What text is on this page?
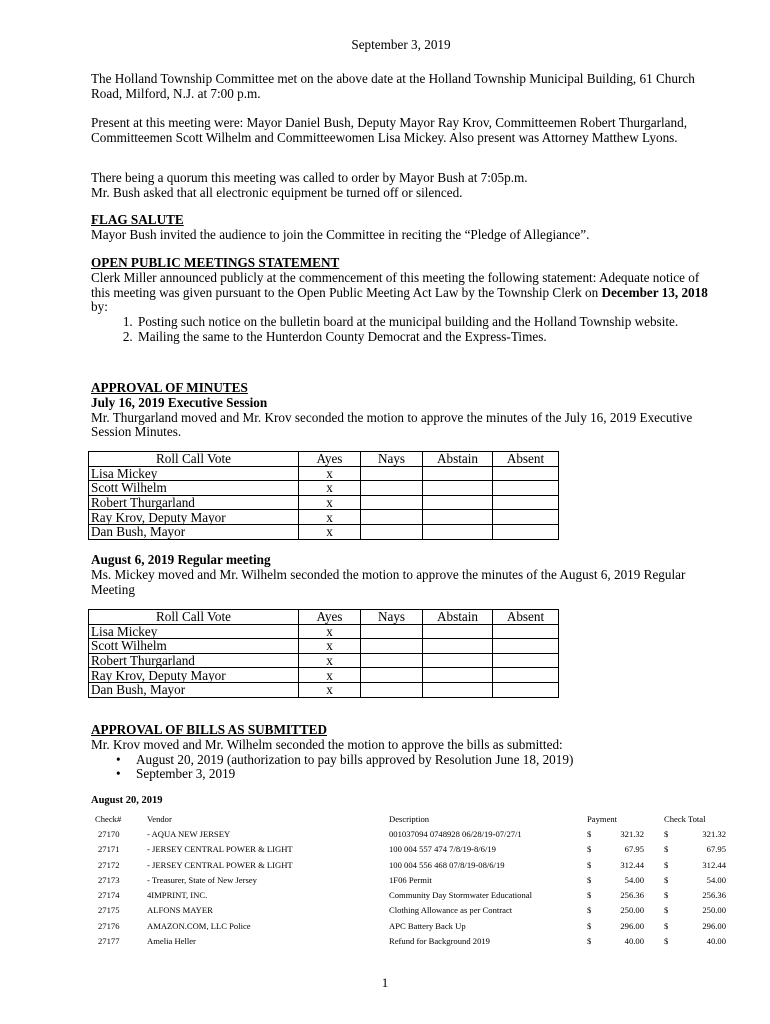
September 3, 2019
The Holland Township Committee met on the above date at the Holland Township Municipal Building, 61 Church Road, Milford, N.J. at 7:00 p.m.
Present at this meeting were: Mayor Daniel Bush, Deputy Mayor Ray Krov, Committeemen Robert Thurgarland, Committeemen Scott Wilhelm and Committeewomen Lisa Mickey. Also present was Attorney Matthew Lyons.
There being a quorum this meeting was called to order by Mayor Bush at 7:05p.m.
Mr. Bush asked that all electronic equipment be turned off or silenced.
FLAG SALUTE
Mayor Bush invited the audience to join the Committee in reciting the “Pledge of Allegiance”.
OPEN PUBLIC MEETINGS STATEMENT
Clerk Miller announced publicly at the commencement of this meeting the following statement: Adequate notice of this meeting was given pursuant to the Open Public Meeting Act Law by the Township Clerk on December 13, 2018 by:
1. Posting such notice on the bulletin board at the municipal building and the Holland Township website.
2. Mailing the same to the Hunterdon County Democrat and the Express-Times.
APPROVAL OF MINUTES
July 16, 2019 Executive Session
Mr. Thurgarland moved and Mr. Krov seconded the motion to approve the minutes of the July 16, 2019 Executive Session Minutes.
Roll Call Vote	Ayes	Nays	Abstain	Absent
Lisa Mickey	x			
Scott Wilhelm	x			
Robert Thurgarland	x			
Ray Krov, Deputy Mayor	x			
Dan Bush, Mayor	x			
August 6, 2019 Regular meeting
Ms. Mickey moved and Mr. Wilhelm seconded the motion to approve the minutes of the August 6, 2019 Regular Meeting
Roll Call Vote	Ayes	Nays	Abstain	Absent
Lisa Mickey	x			
Scott Wilhelm	x			
Robert Thurgarland	x			
Ray Krov, Deputy Mayor	x			
Dan Bush, Mayor	x			
APPROVAL OF BILLS AS SUBMITTED
Mr. Krov moved and Mr. Wilhelm seconded the motion to approve the bills as submitted:
• August 20, 2019 (authorization to pay bills approved by Resolution June 18, 2019)
• September 3, 2019
August 20, 2019
Check#	Vendor	Description	Payment			Check Total	
27170	- AQUA NEW JERSEY	001037094 0748928 06/28/19-07/27/1	$	321.32		$	321.32
27171	- JERSEY CENTRAL POWER & LIGHT	100 004 557 474 7/8/19-8/6/19	$	67.95		$	67.95
27172	- JERSEY CENTRAL POWER & LIGHT	100 004 556 468 07/8/19-08/6/19	$	312.44		$	312.44
27173	- Treasurer, State of New Jersey	1F06 Permit	$	54.00		$	54.00
27174	4IMPRINT, INC.	Community Day Stormwater Educational	$	256.36		$	256.36
27175	ALFONS MAYER	Clothing Allowance as per Contract	$	250.00		$	250.00
27176	AMAZON.COM, LLC Police	APC Battery Back Up	$	296.00		$	296.00
27177	Amelia Heller	Refund for Background 2019	$	40.00		$	40.00
1
